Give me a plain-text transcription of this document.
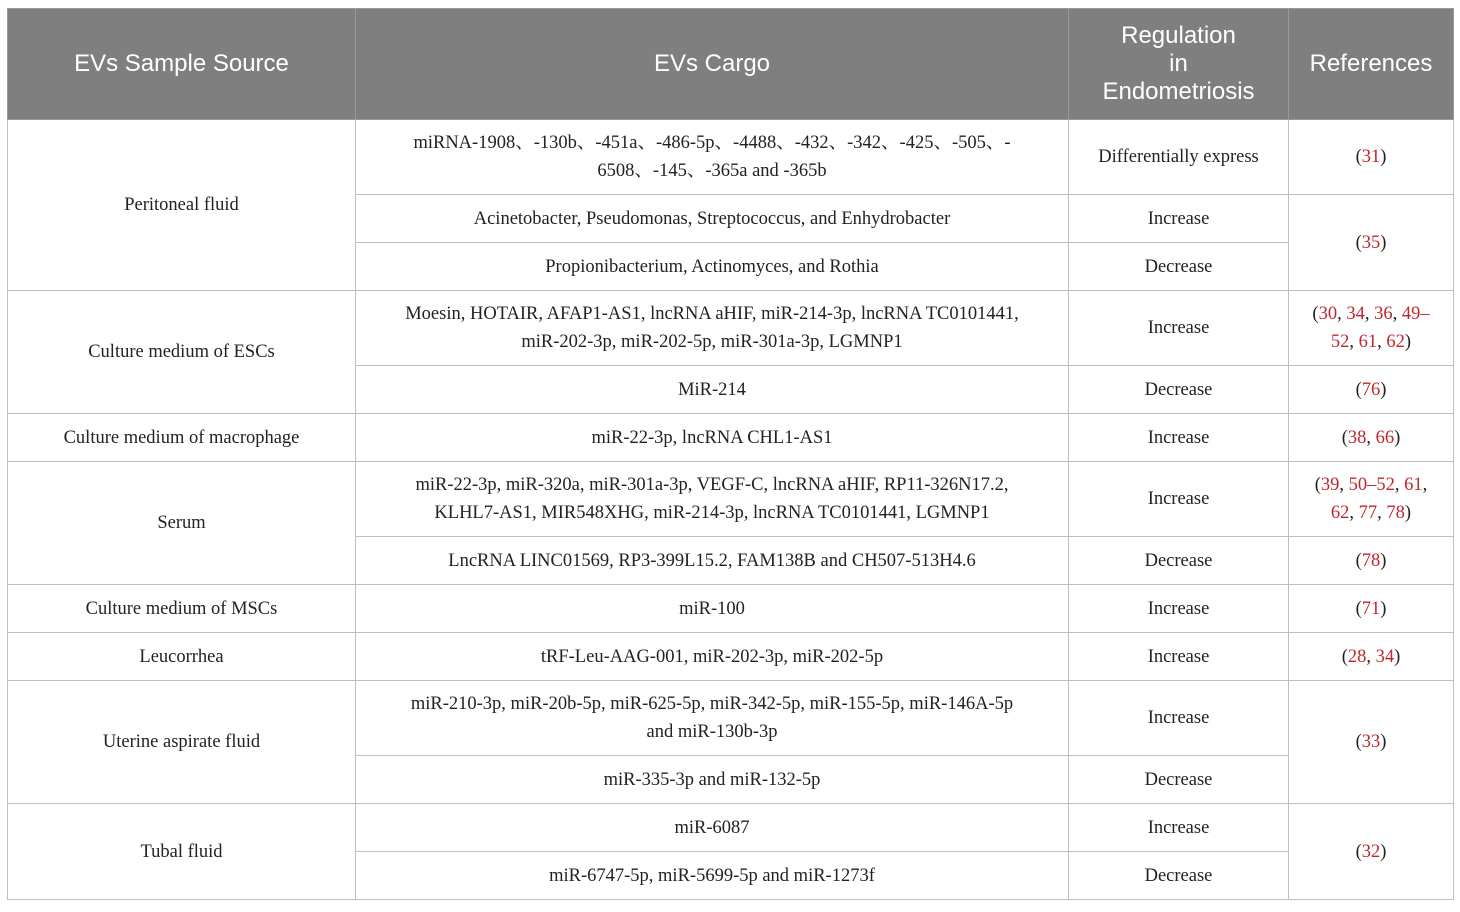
EVs Sample Source	EVs Cargo	Regulation
in
Endometriosis	References
Peritoneal fluid	miRNA-1908、-130b、-451a、-486-5p、-4488、-432、-342、-425、-505、-
6508、-145、-365a and -365b	Differentially express	(31)
	Acinetobacter, Pseudomonas, Streptococcus, and Enhydrobacter	Increase	(35)
	Propionibacterium, Actinomyces, and Rothia	Decrease	
Culture medium of ESCs	Moesin, HOTAIR, AFAP1-AS1, lncRNA aHIF, miR-214-3p, lncRNA TC0101441,
miR-202-3p, miR-202-5p, miR-301a-3p, LGMNP1	Increase	(30, 34, 36, 49–
52, 61, 62)
	MiR-214	Decrease	(76)
Culture medium of macrophage	miR-22-3p, lncRNA CHL1-AS1	Increase	(38, 66)
Serum	miR-22-3p, miR-320a, miR-301a-3p, VEGF-C, lncRNA aHIF, RP11-326N17.2,
KLHL7-AS1, MIR548XHG, miR-214-3p, lncRNA TC0101441, LGMNP1	Increase	(39, 50–52, 61,
62, 77, 78)
	LncRNA LINC01569, RP3-399L15.2, FAM138B and CH507-513H4.6	Decrease	(78)
Culture medium of MSCs	miR-100	Increase	(71)
Leucorrhea	tRF-Leu-AAG-001, miR-202-3p, miR-202-5p	Increase	(28, 34)
Uterine aspirate fluid	miR-210-3p, miR-20b-5p, miR-625-5p, miR-342-5p, miR-155-5p, miR-146A-5p
and miR-130b-3p	Increase	(33)
	miR-335-3p and miR-132-5p	Decrease	
Tubal fluid	miR-6087	Increase	(32)
	miR-6747-5p, miR-5699-5p and miR-1273f	Decrease	
